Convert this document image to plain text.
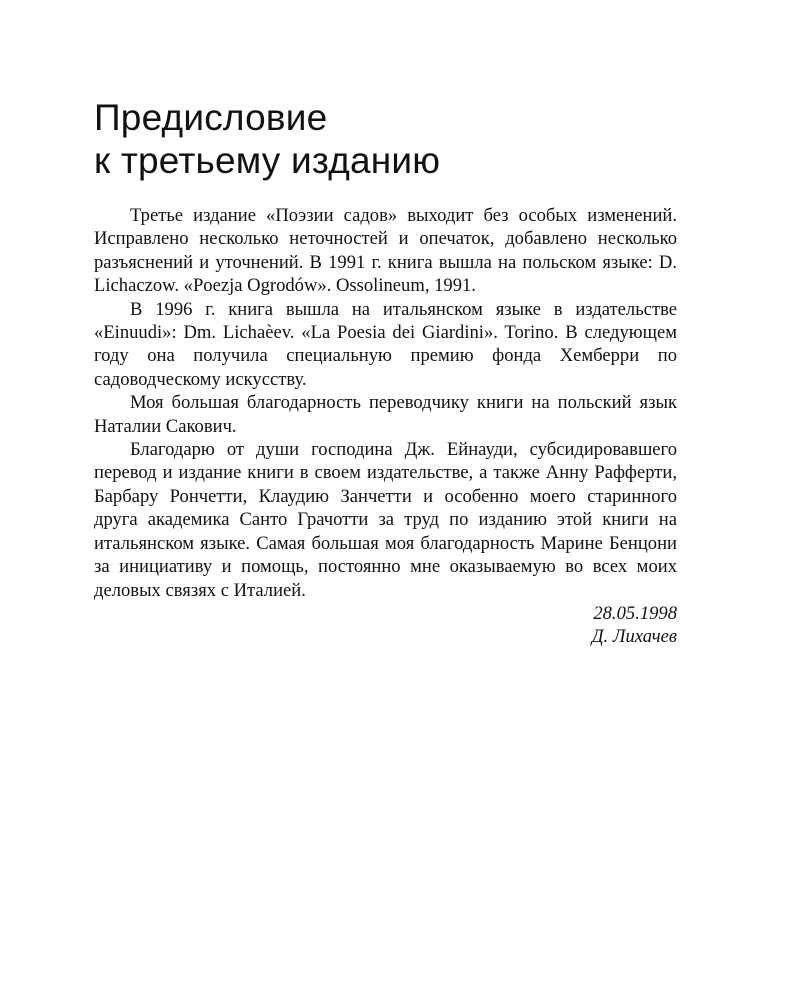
Предисловие
к третьему изданию

Третье издание «Поэзии садов» выходит без особых изменений. Исправлено несколько неточностей и опечаток, добавлено несколько разъяснений и уточнений. В 1991 г. книга вышла на польском языке: D. Lichaczow. «Poezja Ogrodów». Ossolineum, 1991.

В 1996 г. книга вышла на итальянском языке в издательстве «Einuudi»: Dm. Lichaèev. «La Poesia dei Giardini». Torino. В следующем году она получила специальную премию фонда Хемберри по садоводческому искусству.

Моя большая благодарность переводчику книги на польский язык Наталии Сакович.

Благодарю от души господина Дж. Ейнауди, субсидировавшего перевод и издание книги в своем издательстве, а также Анну Рафферти, Барбару Рончетти, Клаудию Занчетти и особенно моего старинного друга академика Санто Грачотти за труд по изданию этой книги на итальянском языке. Самая большая моя благодарность Марине Бенцони за инициативу и помощь, постоянно мне оказываемую во всех моих деловых связях с Италией.

28.05.1998

Д. Лихачев
